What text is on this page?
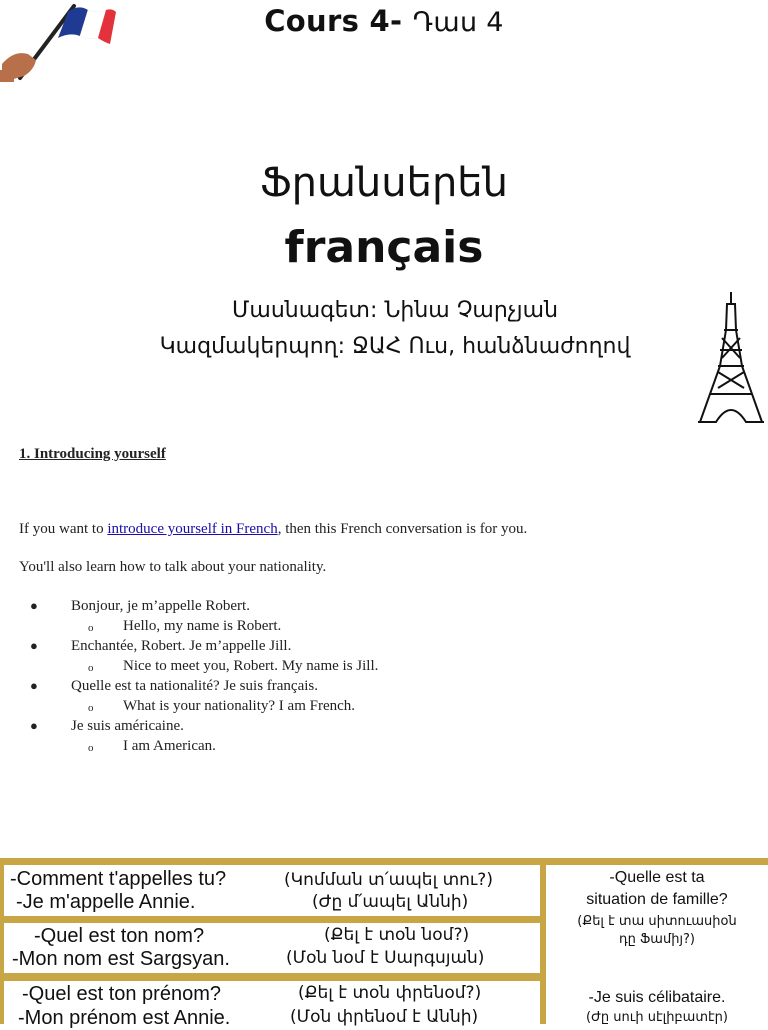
Cours 4- Դաս 4
Ֆրանսերեն
français
Մասնագետ: Նինա Չարչյան
Կազմակերպող: ՋԱՀ Ուս, հանձնաժողով
1. Introducing yourself
If you want to introduce yourself in French, then this French conversation is for you.
You'll also learn how to talk about your nationality.
● Bonjour, je m’appelle Robert.
o Hello, my name is Robert.
● Enchantée, Robert. Je m’appelle Jill.
o Nice to meet you, Robert. My name is Jill.
● Quelle est ta nationalité? Je suis français.
o What is your nationality? I am French.
● Je suis américaine.
o I am American.
-Comment t'appelles tu?	(Կոմման տ՛ապել տու?)
-Je m'appelle Annie.	(Ժը մ՛ապել Աննի)
-Quel est ton nom?	(Քել է տօն նօմ?)
-Mon nom est Sargsyan.	(Մօն նօմ է Սարգսյան)
-Quel est ton prénom?	(Քել է տօն փրենօմ?)
-Mon prénom est Annie.	(Մօն փրենօմ է Աննի)
-Quelle est ta
situation de famille?
(Քել է տա սիտուասիօն
դը Ֆամիյ?)
-Je suis célibataire.
(Ժը սուի սէլիբատէր)
